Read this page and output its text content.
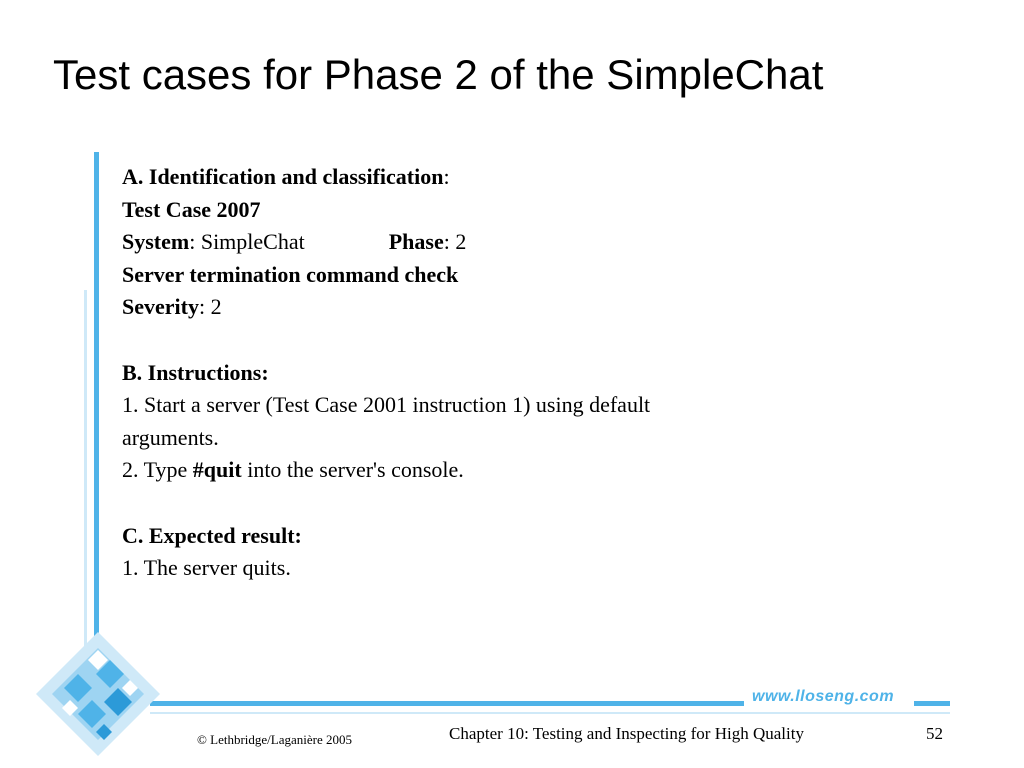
Test cases for Phase 2 of the SimpleChat

A. Identification and classification:

Test Case 2007

System: SimpleChat	Phase: 2

Server termination command check

Severity: 2

B. Instructions:

1. Start a server (Test Case 2001 instruction 1) using default

arguments.

2. Type #quit into the server's console.

C. Expected result:

1. The server quits.

www.lloseng.com
© Lethbridge/Laganière 2005	Chapter 10: Testing and Inspecting for High Quality	52
